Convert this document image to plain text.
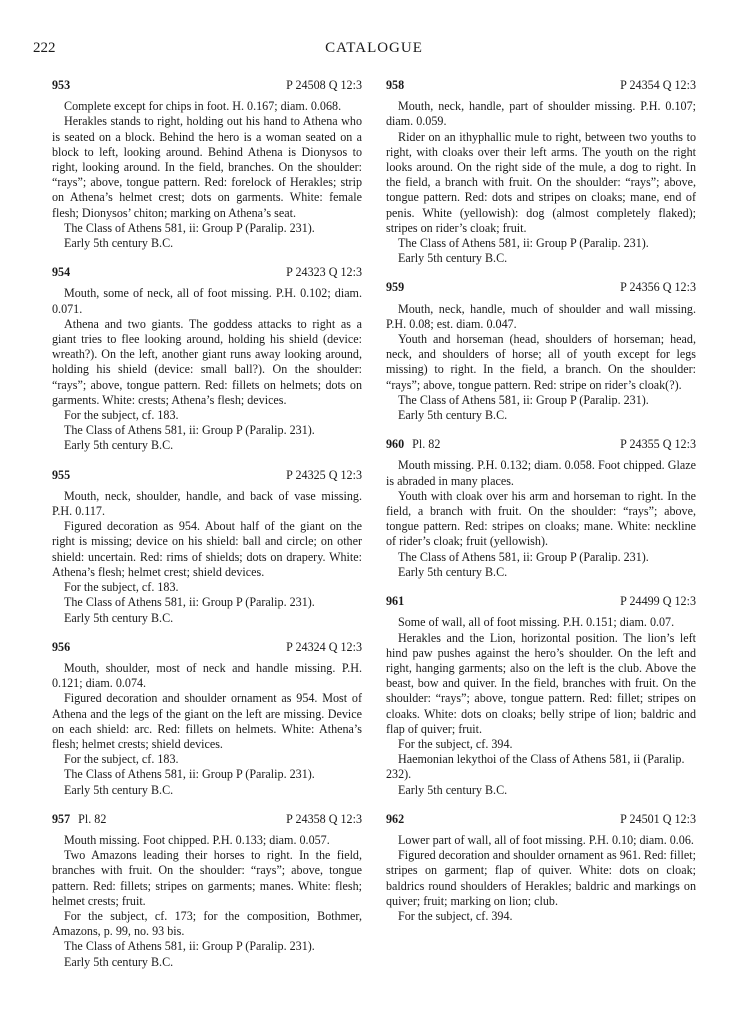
222	CATALOGUE
953	P 24508 Q 12:3

Complete except for chips in foot. H. 0.167; diam. 0.068.

Herakles stands to right, holding out his hand to Athena who is seated on a block. Behind the hero is a woman seated on a block to left, looking around. Behind Athena is Dionysos to right, looking around. In the field, branches. On the shoulder: “rays”; above, tongue pattern. Red: forelock of Herakles; strip on Athena’s helmet crest; dots on garments. White: female flesh; Dionysos’ chiton; marking on Athena’s seat.

The Class of Athens 581, ii: Group P (Paralip. 231).

Early 5th century B.C.

954	P 24323 Q 12:3

Mouth, some of neck, all of foot missing. P.H. 0.102; diam. 0.071.

Athena and two giants. The goddess attacks to right as a giant tries to flee looking around, holding his shield (device: wreath?). On the left, another giant runs away looking around, holding his shield (device: small ball?). On the shoulder: “rays”; above, tongue pattern. Red: fillets on helmets; dots on garments. White: crests; Athena’s flesh; devices.

For the subject, cf. 183.

The Class of Athens 581, ii: Group P (Paralip. 231).

Early 5th century B.C.

955	P 24325 Q 12:3

Mouth, neck, shoulder, handle, and back of vase missing. P.H. 0.117.

Figured decoration as 954. About half of the giant on the right is missing; device on his shield: ball and circle; on other shield: uncertain. Red: rims of shields; dots on drapery. White: Athena’s flesh; helmet crest; shield devices.

For the subject, cf. 183.

The Class of Athens 581, ii: Group P (Paralip. 231).

Early 5th century B.C.

956	P 24324 Q 12:3

Mouth, shoulder, most of neck and handle missing. P.H. 0.121; diam. 0.074.

Figured decoration and shoulder ornament as 954. Most of Athena and the legs of the giant on the left are missing. Device on each shield: arc. Red: fillets on helmets. White: Athena’s flesh; helmet crests; shield devices.

For the subject, cf. 183.

The Class of Athens 581, ii: Group P (Paralip. 231).

Early 5th century B.C.

957 Pl. 82	P 24358 Q 12:3

Mouth missing. Foot chipped. P.H. 0.133; diam. 0.057.

Two Amazons leading their horses to right. In the field, branches with fruit. On the shoulder: “rays”; above, tongue pattern. Red: fillets; stripes on garments; manes. White: flesh; helmet crests; fruit.

For the subject, cf. 173; for the composition, Bothmer, Amazons, p. 99, no. 93 bis.

The Class of Athens 581, ii: Group P (Paralip. 231).

Early 5th century B.C.

958	P 24354 Q 12:3

Mouth, neck, handle, part of shoulder missing. P.H. 0.107; diam. 0.059.

Rider on an ithyphallic mule to right, between two youths to right, with cloaks over their left arms. The youth on the right looks around. On the right side of the mule, a dog to right. In the field, a branch with fruit. On the shoulder: “rays”; above, tongue pattern. Red: dots and stripes on cloaks; mane, end of penis. White (yellowish): dog (almost completely flaked); stripes on rider’s cloak; fruit.

The Class of Athens 581, ii: Group P (Paralip. 231).

Early 5th century B.C.

959	P 24356 Q 12:3

Mouth, neck, handle, much of shoulder and wall missing. P.H. 0.08; est. diam. 0.047.

Youth and horseman (head, shoulders of horseman; head, neck, and shoulders of horse; all of youth except for legs missing) to right. In the field, a branch. On the shoulder: “rays”; above, tongue pattern. Red: stripe on rider’s cloak(?).

The Class of Athens 581, ii: Group P (Paralip. 231).

Early 5th century B.C.

960 Pl. 82	P 24355 Q 12:3

Mouth missing. P.H. 0.132; diam. 0.058. Foot chipped. Glaze is abraded in many places.

Youth with cloak over his arm and horseman to right. In the field, a branch with fruit. On the shoulder: “rays”; above, tongue pattern. Red: stripes on cloaks; mane. White: neckline of rider’s cloak; fruit (yellowish).

The Class of Athens 581, ii: Group P (Paralip. 231).

Early 5th century B.C.

961	P 24499 Q 12:3

Some of wall, all of foot missing. P.H. 0.151; diam. 0.07.

Herakles and the Lion, horizontal position. The lion’s left hind paw pushes against the hero’s shoulder. On the left and right, hanging garments; also on the left is the club. Above the beast, bow and quiver. In the field, branches with fruit. On the shoulder: “rays”; above, tongue pattern. Red: fillet; stripes on cloaks. White: dots on cloaks; belly stripe of lion; baldric and flap of quiver; fruit.

For the subject, cf. 394.

Haemonian lekythoi of the Class of Athens 581, ii (Paralip. 232).

Early 5th century B.C.

962	P 24501 Q 12:3

Lower part of wall, all of foot missing. P.H. 0.10; diam. 0.06.

Figured decoration and shoulder ornament as 961. Red: fillet; stripes on garment; flap of quiver. White: dots on cloak; baldrics round shoulders of Herakles; baldric and markings on quiver; fruit; marking on lion; club.

For the subject, cf. 394.
